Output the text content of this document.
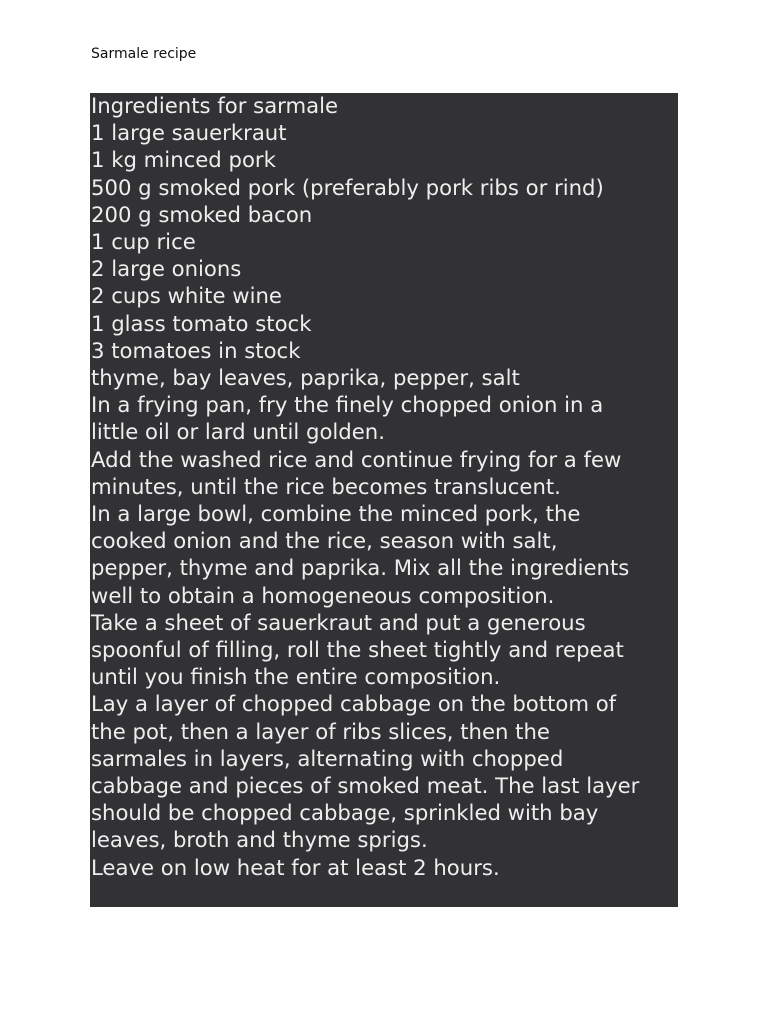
Sarmale recipe
Ingredients for sarmale
1 large sauerkraut
1 kg minced pork
500 g smoked pork (preferably pork ribs or rind)
200 g smoked bacon
1 cup rice
2 large onions
2 cups white wine
1 glass tomato stock
3 tomatoes in stock
thyme, bay leaves, paprika, pepper, salt
In a frying pan, fry the finely chopped onion in a
little oil or lard until golden.
Add the washed rice and continue frying for a few
minutes, until the rice becomes translucent.
In a large bowl, combine the minced pork, the
cooked onion and the rice, season with salt,
pepper, thyme and paprika. Mix all the ingredients
well to obtain a homogeneous composition.
Take a sheet of sauerkraut and put a generous
spoonful of filling, roll the sheet tightly and repeat
until you finish the entire composition.
Lay a layer of chopped cabbage on the bottom of
the pot, then a layer of ribs slices, then the
sarmales in layers, alternating with chopped
cabbage and pieces of smoked meat. The last layer
should be chopped cabbage, sprinkled with bay
leaves, broth and thyme sprigs.
Leave on low heat for at least 2 hours.
